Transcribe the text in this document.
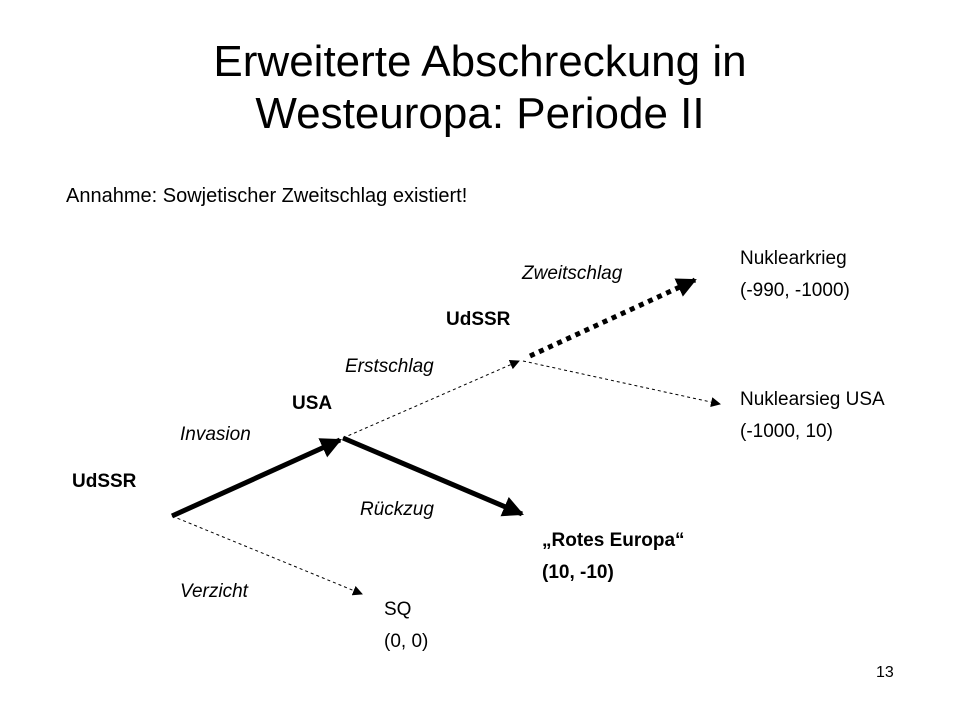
Erweiterte Abschreckung in
Westeuropa: Periode II
Annahme: Sowjetischer Zweitschlag existiert!
UdSSR
USA
UdSSR
Invasion
Verzicht
Rückzug
Erstschlag
Zweitschlag
SQ
(0, 0)
„Rotes Europa“
(10, -10)
Nuklearsieg USA
(-1000, 10)
Nuklearkrieg
(-990, -1000)
13
